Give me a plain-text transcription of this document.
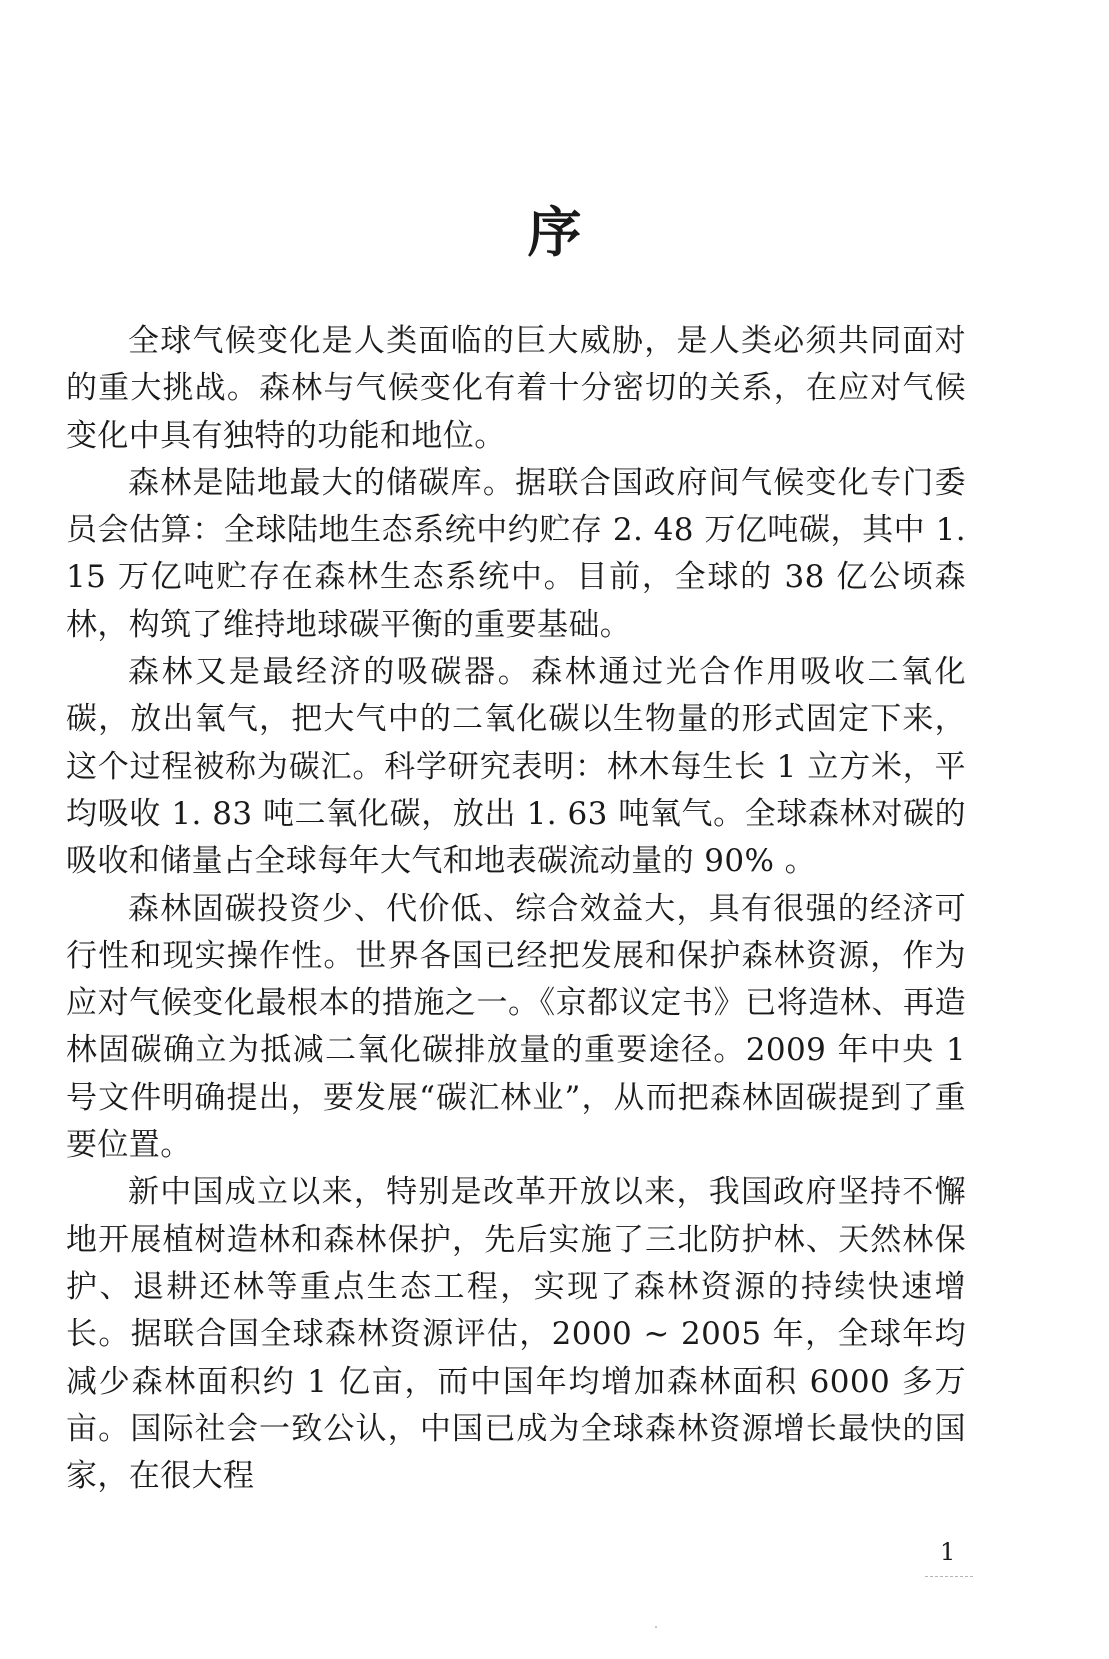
序

全球气候变化是人类面临的巨大威胁，是人类必须共同面对的重大挑战。森林与气候变化有着十分密切的关系，在应对气候变化中具有独特的功能和地位。

森林是陆地最大的储碳库。据联合国政府间气候变化专门委员会估算：全球陆地生态系统中约贮存 2. 48 万亿吨碳，其中 1. 15 万亿吨贮存在森林生态系统中。目前，全球的 38 亿公顷森林，构筑了维持地球碳平衡的重要基础。

森林又是最经济的吸碳器。森林通过光合作用吸收二氧化碳，放出氧气，把大气中的二氧化碳以生物量的形式固定下来，这个过程被称为碳汇。科学研究表明：林木每生长 1 立方米，平均吸收 1. 83 吨二氧化碳，放出 1. 63 吨氧气。全球森林对碳的吸收和储量占全球每年大气和地表碳流动量的 90% 。

森林固碳投资少、代价低、综合效益大，具有很强的经济可行性和现实操作性。世界各国已经把发展和保护森林资源，作为应对气候变化最根本的措施之一。《京都议定书》已将造林、再造林固碳确立为抵减二氧化碳排放量的重要途径。2009 年中央 1 号文件明确提出，要发展“碳汇林业”，从而把森林固碳提到了重要位置。

新中国成立以来，特别是改革开放以来，我国政府坚持不懈地开展植树造林和森林保护，先后实施了三北防护林、天然林保护、退耕还林等重点生态工程，实现了森林资源的持续快速增长。据联合国全球森林资源评估，2000 ~ 2005 年，全球年均减少森林面积约 1 亿亩，而中国年均增加森林面积 6000 多万亩。国际社会一致公认，中国已成为全球森林资源增长最快的国家，在很大程

1
